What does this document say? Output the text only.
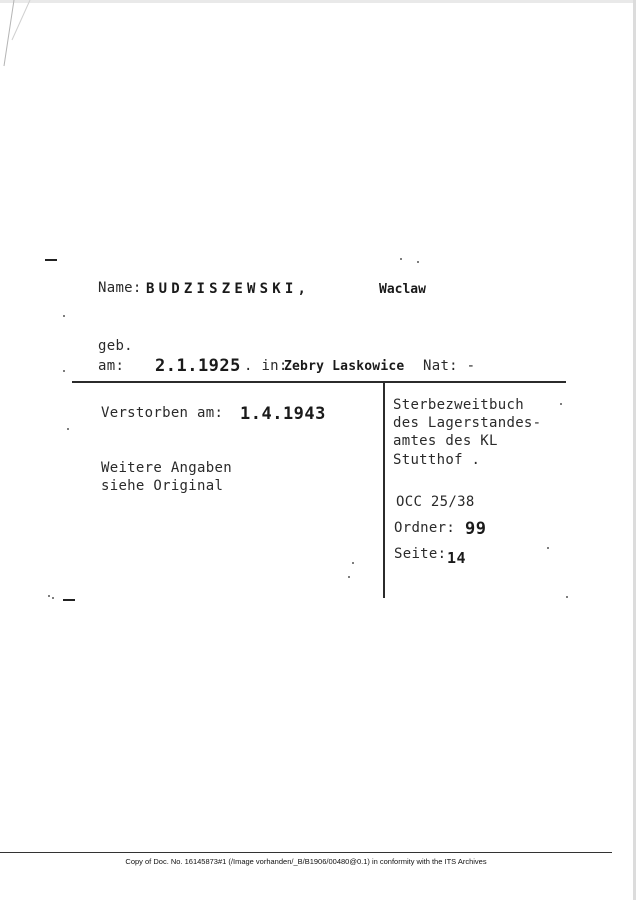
Name: BUDZISZEWSKI,	Waclaw
geb.
am: 2.1.1925 . in:
Zebry Laskowice Nat: -
Verstorben am: 1.4.1943
Weitere Angaben
siehe Original
Sterbezweitbuch
des Lagerstandes-
amtes des KL
Stutthof .
OCC 25/38
Ordner: 99
Seite: 14
Copy of Doc. No. 16145873#1 (/Image vorhanden/_B/B1906/00480@0.1) in conformity with the ITS Archives
